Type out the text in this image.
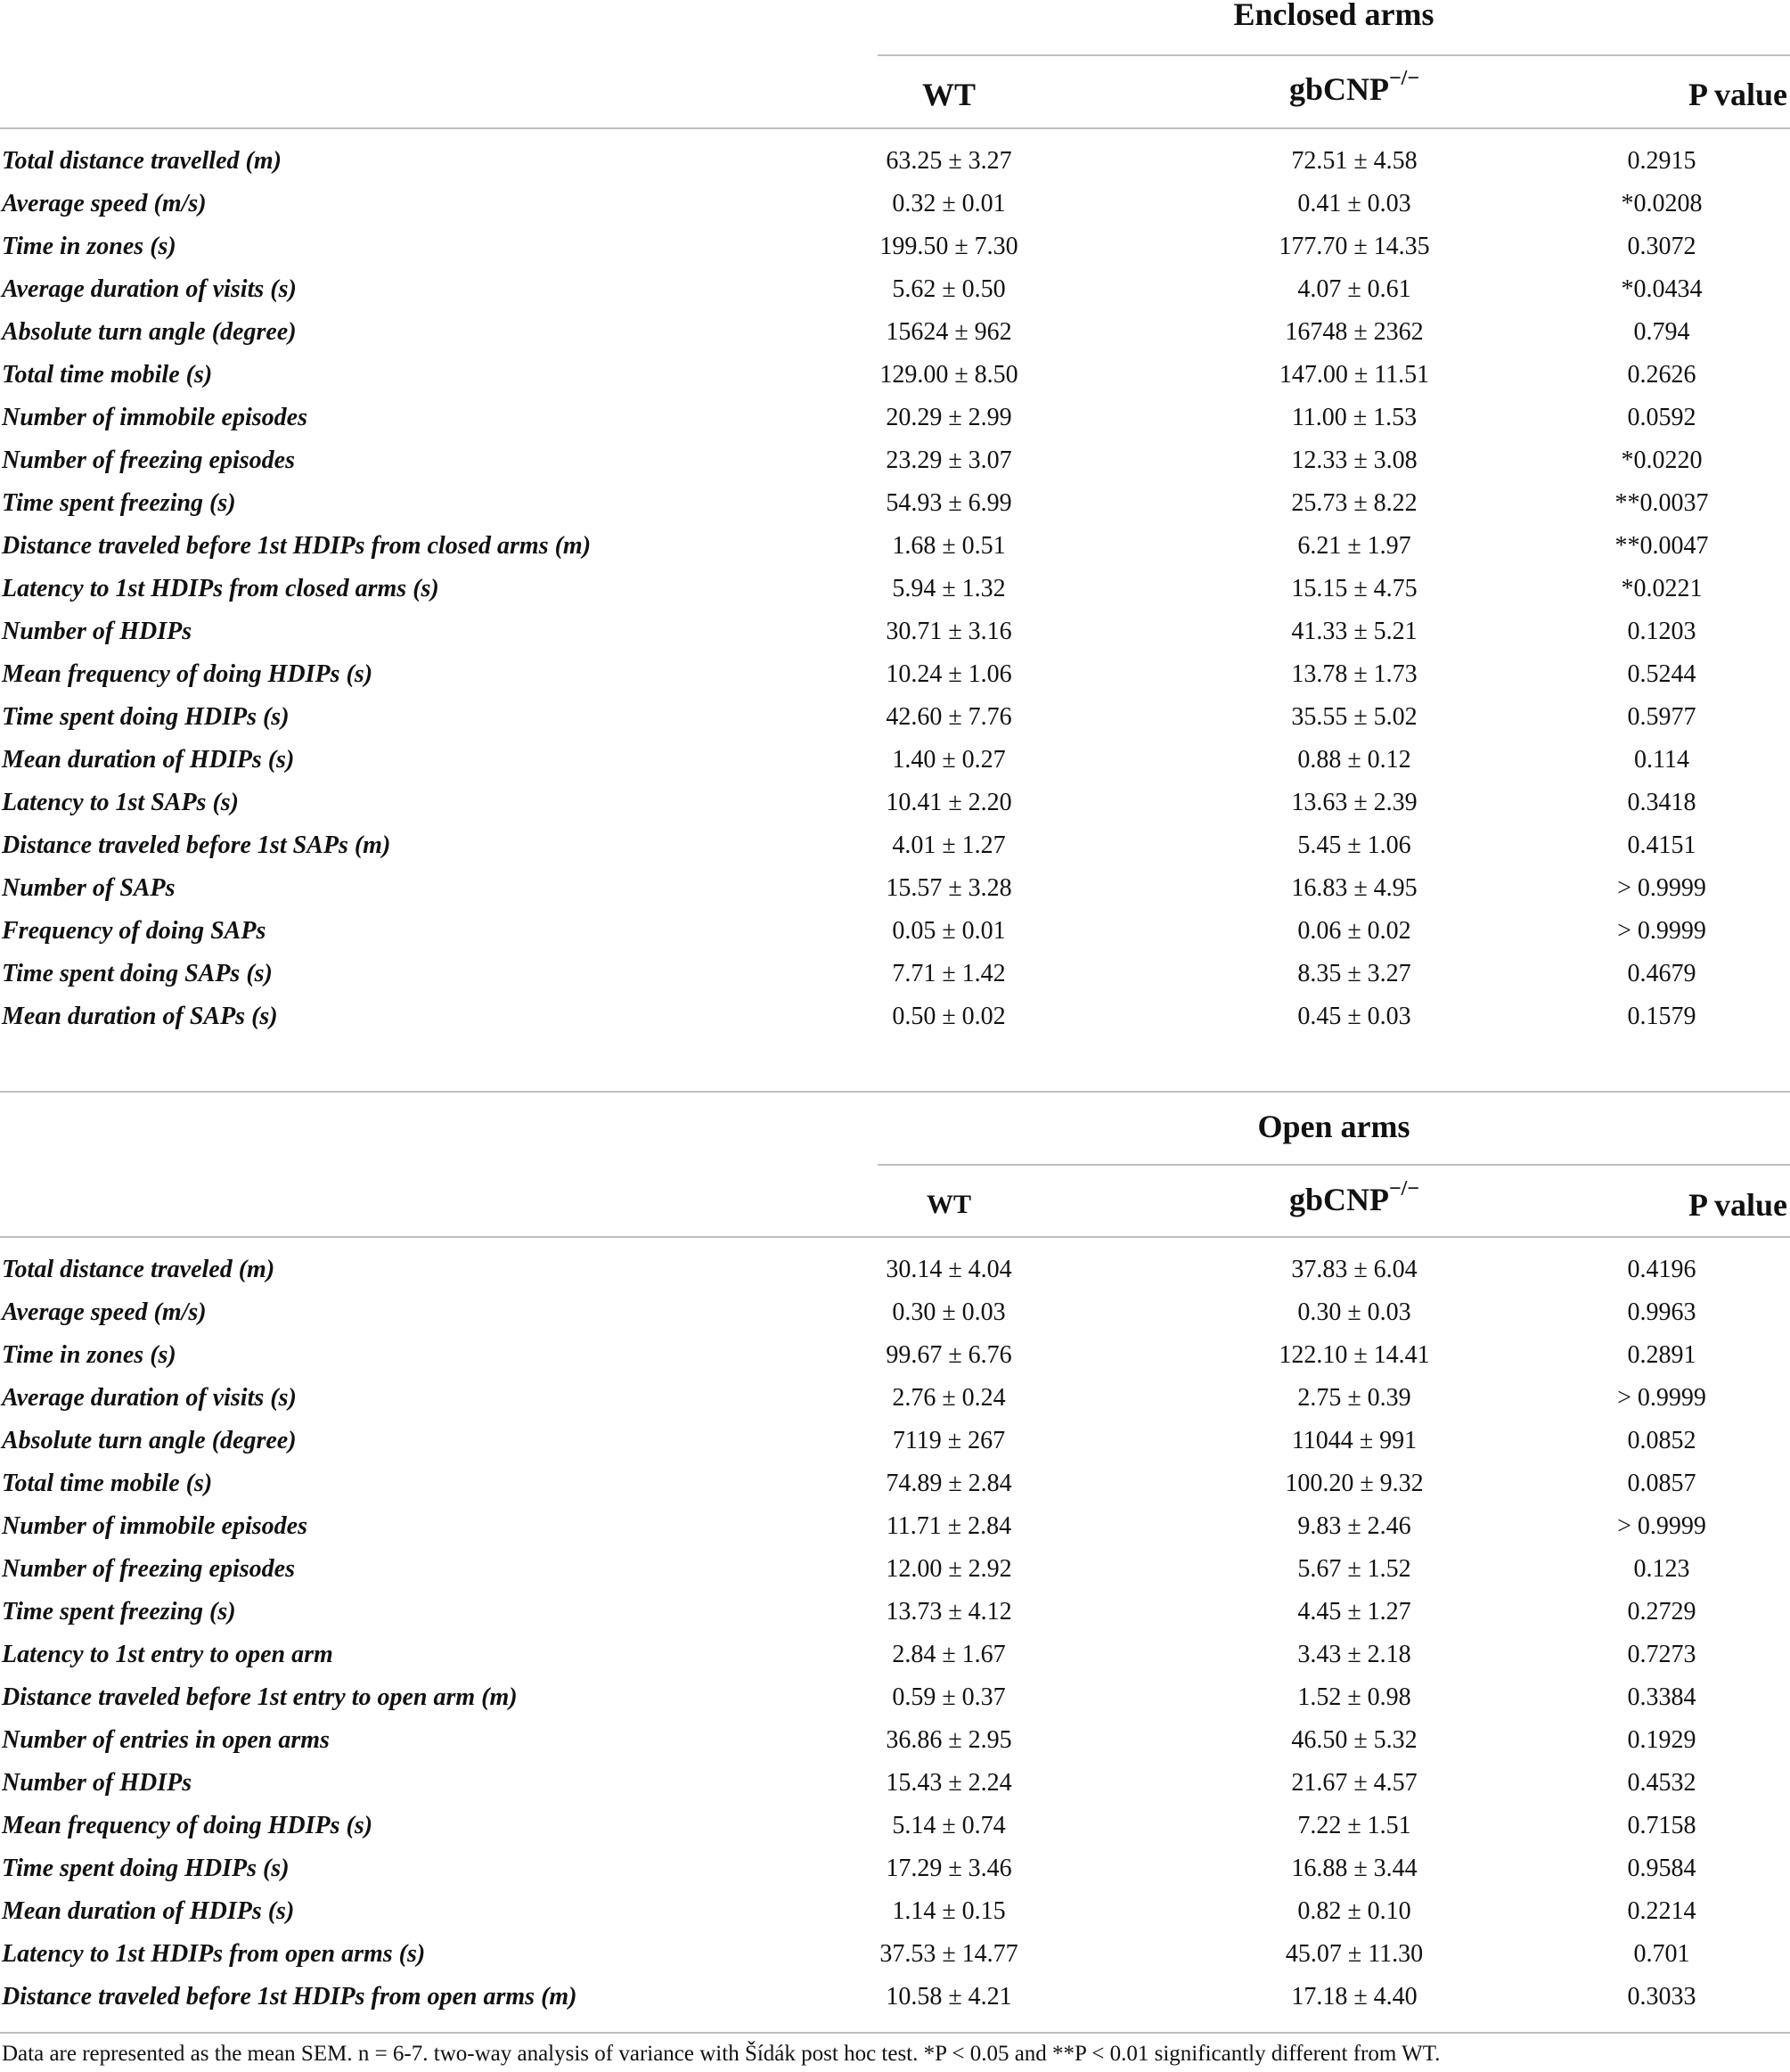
Enclosed arms
WT	gbCNP−/−	P value
Total distance travelled (m)	63.25 ± 3.27	72.51 ± 4.58	0.2915
Average speed (m/s)	0.32 ± 0.01	0.41 ± 0.03	*0.0208
Time in zones (s)	199.50 ± 7.30	177.70 ± 14.35	0.3072
Average duration of visits (s)	5.62 ± 0.50	4.07 ± 0.61	*0.0434
Absolute turn angle (degree)	15624 ± 962	16748 ± 2362	0.794
Total time mobile (s)	129.00 ± 8.50	147.00 ± 11.51	0.2626
Number of immobile episodes	20.29 ± 2.99	11.00 ± 1.53	0.0592
Number of freezing episodes	23.29 ± 3.07	12.33 ± 3.08	*0.0220
Time spent freezing (s)	54.93 ± 6.99	25.73 ± 8.22	**0.0037
Distance traveled before 1st HDIPs from closed arms (m)	1.68 ± 0.51	6.21 ± 1.97	**0.0047
Latency to 1st HDIPs from closed arms (s)	5.94 ± 1.32	15.15 ± 4.75	*0.0221
Number of HDIPs	30.71 ± 3.16	41.33 ± 5.21	0.1203
Mean frequency of doing HDIPs (s)	10.24 ± 1.06	13.78 ± 1.73	0.5244
Time spent doing HDIPs (s)	42.60 ± 7.76	35.55 ± 5.02	0.5977
Mean duration of HDIPs (s)	1.40 ± 0.27	0.88 ± 0.12	0.114
Latency to 1st SAPs (s)	10.41 ± 2.20	13.63 ± 2.39	0.3418
Distance traveled before 1st SAPs (m)	4.01 ± 1.27	5.45 ± 1.06	0.4151
Number of SAPs	15.57 ± 3.28	16.83 ± 4.95	> 0.9999
Frequency of doing SAPs	0.05 ± 0.01	0.06 ± 0.02	> 0.9999
Time spent doing SAPs (s)	7.71 ± 1.42	8.35 ± 3.27	0.4679
Mean duration of SAPs (s)	0.50 ± 0.02	0.45 ± 0.03	0.1579
Open arms
WT	gbCNP−/−	P value
Total distance traveled (m)	30.14 ± 4.04	37.83 ± 6.04	0.4196
Average speed (m/s)	0.30 ± 0.03	0.30 ± 0.03	0.9963
Time in zones (s)	99.67 ± 6.76	122.10 ± 14.41	0.2891
Average duration of visits (s)	2.76 ± 0.24	2.75 ± 0.39	> 0.9999
Absolute turn angle (degree)	7119 ± 267	11044 ± 991	0.0852
Total time mobile (s)	74.89 ± 2.84	100.20 ± 9.32	0.0857
Number of immobile episodes	11.71 ± 2.84	9.83 ± 2.46	> 0.9999
Number of freezing episodes	12.00 ± 2.92	5.67 ± 1.52	0.123
Time spent freezing (s)	13.73 ± 4.12	4.45 ± 1.27	0.2729
Latency to 1st entry to open arm	2.84 ± 1.67	3.43 ± 2.18	0.7273
Distance traveled before 1st entry to open arm (m)	0.59 ± 0.37	1.52 ± 0.98	0.3384
Number of entries in open arms	36.86 ± 2.95	46.50 ± 5.32	0.1929
Number of HDIPs	15.43 ± 2.24	21.67 ± 4.57	0.4532
Mean frequency of doing HDIPs (s)	5.14 ± 0.74	7.22 ± 1.51	0.7158
Time spent doing HDIPs (s)	17.29 ± 3.46	16.88 ± 3.44	0.9584
Mean duration of HDIPs (s)	1.14 ± 0.15	0.82 ± 0.10	0.2214
Latency to 1st HDIPs from open arms (s)	37.53 ± 14.77	45.07 ± 11.30	0.701
Distance traveled before 1st HDIPs from open arms (m)	10.58 ± 4.21	17.18 ± 4.40	0.3033
Data are represented as the mean SEM. n = 6-7. two-way analysis of variance with Šídák post hoc test. *P < 0.05 and **P < 0.01 significantly different from WT.
